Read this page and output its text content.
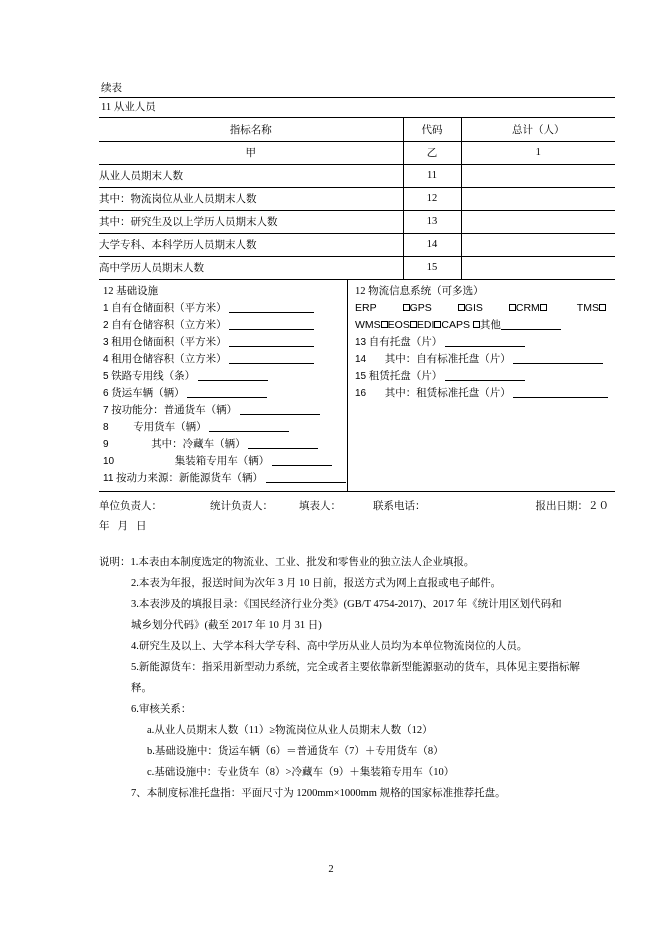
续表
11 从业人员
指标名称	代码	总计（人）
甲	乙	1
从业人员期末人数	11	
其中：物流岗位从业人员期末人数	12	
其中：研究生及以上学历人员期末人数	13	
大学专科、本科学历人员期末人数	14	
高中学历人员期末人数	15	
12 基础设施
1 自有仓储面积（平方米）
2 自有仓储容积（立方米）
3 租用仓储面积（平方米）
4 租用仓储容积（立方米）
5 铁路专用线（条）
6 货运车辆（辆）
7 按功能分：普通货车（辆）
8 专用货车（辆）
9	其中：冷藏车（辆）
10	集装箱专用车（辆）
11 按动力来源：新能源货车（辆）
12 物流信息系统（可多选）
ERP	GPS	GIS	CRM	TMS
WMS EOS EDI CAPS 其他
13 自有托盘（片）
14 其中：自有标准托盘（片）
15 租赁托盘（片）
16 其中：租赁标准托盘（片）
单位负责人：	统计负责人： 填表人：	联系电话：	报出日期：２０
年 月 日
说明：1.本表由本制度选定的物流业、工业、批发和零售业的独立法人企业填报。
2.本表为年报，报送时间为次年 3 月 10 日前，报送方式为网上直报或电子邮件。
3.本表涉及的填报目录：《国民经济行业分类》(GB/T 4754-2017)、2017 年《统计用区划代码和
城乡划分代码》(截至 2017 年 10 月 31 日)
4.研究生及以上、大学本科大学专科、高中学历从业人员均为本单位物流岗位的人员。
5.新能源货车：指采用新型动力系统，完全或者主要依靠新型能源驱动的货车，具体见主要指标解
释。
6.审核关系：
a.从业人员期末人数（11）≥物流岗位从业人员期末人数（12）
b.基础设施中：货运车辆（6）＝普通货车（7）＋专用货车（8）
c.基础设施中：专业货车（8）>冷藏车（9）＋集装箱专用车（10）
7、本制度标准托盘指：平面尺寸为 1200mm×1000mm 规格的国家标准推荐托盘。
2
